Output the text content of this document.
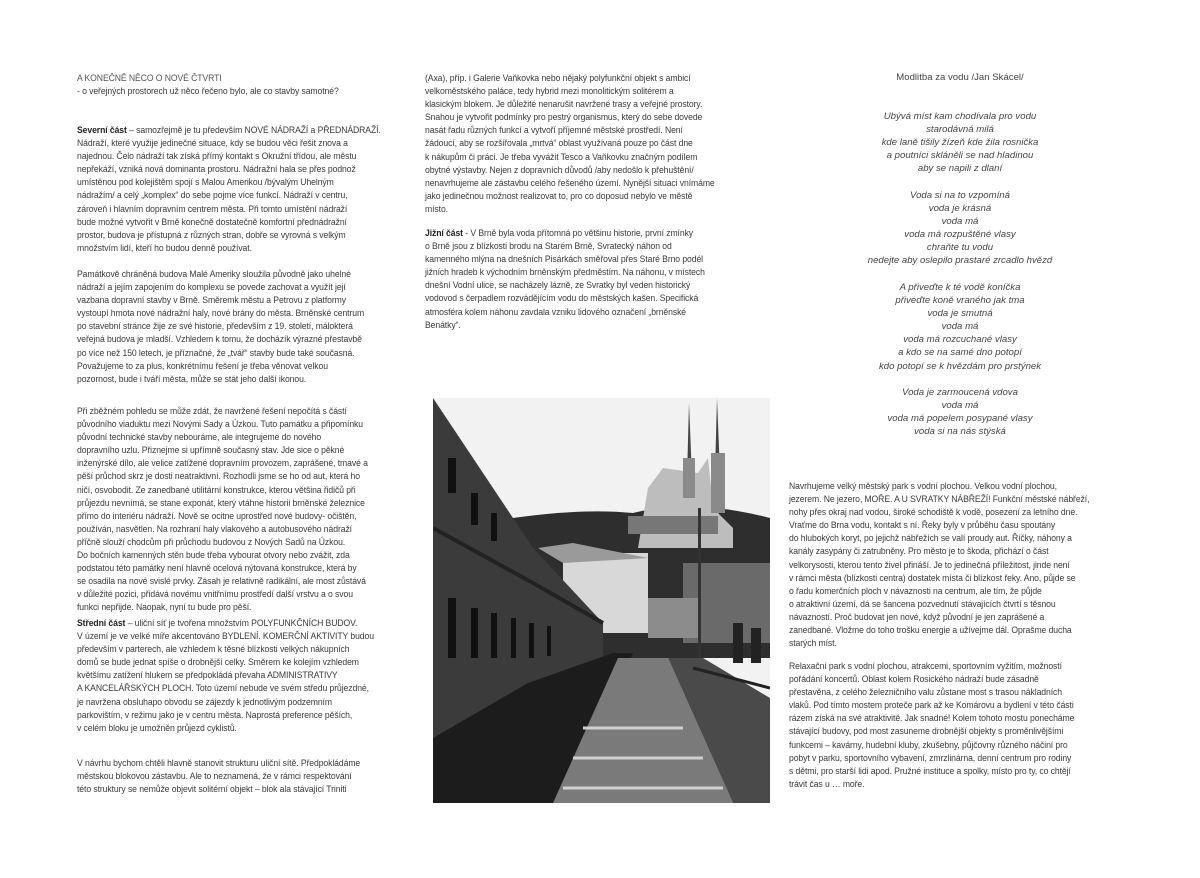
A KONEČNĚ NĚCO O NOVÉ ČTVRTI
- o veřejných prostorech už něco řečeno bylo, ale co stavby samotné?
Severní část – samozřejmě je tu především NOVÉ NÁDRAŽÍ a PŘEDNÁDRAŽÍ.
Nádraží, které využije jedinečné situace, kdy se budou věci řešit znova a
najednou. Čelo nádraží tak získá přímý kontakt s Okružní třídou, ale městu
nepřekáží, vzniká nová dominanta prostoru. Nádražní hala se přes podnož
umístěnou pod kolejištěm spojí s Malou Amerikou /bývalým Uhelným
nádražím/ a celý „komplex“ do sebe pojme více funkcí. Nádraží v centru,
zároveň i hlavním dopravním centrem města. Při tomto umístění nádraží
bude možné vytvořit v Brně konečně dostatečně komfortní přednádražní
prostor, budova je přístupná z různých stran, dobře se vyrovná s velkým
množstvím lidí, kteří ho budou denně používat.
Památkově chráněná budova Malé Ameriky sloužila původně jako uhelné
nádraží a jejím zapojením do komplexu se povede zachovat a využít její
vazbana dopravní stavby v Brně. Směremk městu a Petrovu z platformy
vystoupí hmota nové nádražní haly, nové brány do města. Brněnské centrum
po stavební stránce žije ze své historie, především z 19. století, málokterá
veřejná budova je mladší. Vzhledem k tomu, že docházík výrazné přestavbě
po více než 150 letech, je příznačné, že „tvář“ stavby bude také současná.
Považujeme to za plus, konkrétnímu řešení je třeba věnovat velkou
pozornost, bude i tváří města, může se stát jeho další ikonou.
Při zběžném pohledu se může zdát, že navržené řešení nepočítá s částí
původního viaduktu mezi Novými Sady a Úzkou. Tuto památku a připomínku
původní technické stavby nebouráme, ale integrujeme do nového
dopravního uzlu. Přiznejme si upřímně současný stav. Jde sice o pěkné
inženýrské dílo, ale velice zatížené dopravním provozem, zaprášené, tmavé a
pěší průchod skrz je dosti neatraktivní. Rozhodli jsme se ho od aut, která ho
ničí, osvobodit. Ze zanedbané utilitární konstrukce, kterou většina řidičů při
průjezdu nevnímá, se stane exponát, který vtáhne historii brněnské železnice
přímo do interiéru nádraží. Nově se ocitne uprostřed nové budovy- očištěn,
používán, nasvětlen. Na rozhraní haly vlakového a autobusového nádraží
příčně slouží chodcům při průchodu budovou z Nových Sadů na Úzkou.
Do bočních kamenných stěn bude třeba vybourat otvory nebo zvážit, zda
podstatou této památky není hlavně ocelová nýtovaná konstrukce, která by
se osadila na nové svislé prvky. Zásah je relativně radikální, ale most zůstává
v důležité pozici, přidává novému vnitřnímu prostředí další vrstvu a o svou
funkci nepřijde. Naopak, nyní tu bude pro pěší.
Střední část – uliční síť je tvořena množstvím POLYFUNKČNÍCH BUDOV.
V území je ve velké míře akcentováno BYDLENÍ. KOMERČNÍ AKTIVITY budou
především v parterech, ale vzhledem k těsné blízkosti velkých nákupních
domů se bude jednat spíše o drobnější celky. Směrem ke kolejím vzhledem
květšímu zatížení hlukem se předpokládá převaha ADMINISTRATIVY
A KANCELÁŘSKÝCH PLOCH. Toto území nebude ve svém středu průjezdné,
je navržena obsluhapo obvodu se zájezdy k jednotlivým podzemním
parkovištím, v režimu jako je v centru města. Naprostá preference pěších,
v celém bloku je umožněn průjezd cyklistů.
V návrhu bychom chtěli hlavně stanovit strukturu uliční sítě. Předpokládáme
městskou blokovou zástavbu. Ale to neznamená, že v rámci respektování
této struktury se nemůže objevit solitérní objekt – blok ala stávající Triniti
(Axa), příp. i Galerie Vaňkovka nebo nějaký polyfunkční objekt s ambicí
velkoměstského paláce, tedy hybrid mezi monolitickým solitérem a
klasickým blokem. Je důležité nenarušit navržené trasy a veřejné prostory.
Snahou je vytvořit podmínky pro pestrý organismus, který do sebe dovede
nasát řadu různých funkcí a vytvoří příjemné městské prostředí. Není
žádoucí, aby se rozšiřovala „mrtvá“ oblast využívaná pouze po část dne
k nákupům či práci. Je třeba vyvážit Tesco a Vaňkovku značným podílem
obytné výstavby. Nejen z dopravních důvodů /aby nedošlo k přehuštění/
nenavrhujeme ale zástavbu celého řešeného území. Nynější situaci vnímáme
jako jedinečnou možnost realizovat to, pro co doposud nebylo ve městě
místo.
Jižní část - V Brně byla voda přítomná po většinu historie, první zmínky
o Brně jsou z blízkosti brodu na Starém Brně, Svratecký náhon od
kamenného mlýna na dnešních Pisárkách směřoval přes Staré Brno podél
jižních hradeb k východním brněnským předměstím. Na náhonu, v místech
dnešní Vodní ulice, se nacházely lázně, ze Svratky byl veden historický
vodovod s čerpadlem rozvádějícím vodu do městských kašen. Specifická
atmosféra kolem náhonu zavdala vzniku lidového označení „brněnské
Benátky“.
Modlitba za vodu /Jan Skácel/
Ubývá míst kam chodívala pro vodu
starodávná milá
kde laně tišily žízeň kde žila rosnička
a poutníci skláněli se nad hladinou
aby se napili z dlaní
Voda si na to vzpomíná
voda je krásná
voda má
voda má rozpuštěné vlasy
chraňte tu vodu
nedejte aby oslepilo prastaré zrcadlo hvězd
A přiveďte k té vodě koníčka
přiveďte koně vraného jak tma
voda je smutná
voda má
voda má rozcuchané vlasy
a kdo se na samé dno potopí
kdo potopí se k hvězdám pro prstýnek
Voda je zarmoucená vdova
voda má
voda má popelem posypané vlasy
voda si na nás stýská
Navrhujeme velký městský park s vodní plochou. Velkou vodní plochou,
jezerem. Ne jezero, MOŘE. A U SVRATKY NÁBŘEŽÍ! Funkční městské nábřeží,
nohy přes okraj nad vodou, široké schodiště k vodě, posezení za letního dne.
Vraťme do Brna vodu, kontakt s ní. Řeky byly v průběhu času spoutány
do hlubokých koryt, po jejichž nábřežích se valí proudy aut. Říčky, náhony a
kanály zasypány či zatrubněny. Pro město je to škoda, přichází o část
velkorysosti, kterou tento živel přináší. Je to jedinečná příležitost, jinde není
v rámci města (blízkosti centra) dostatek místa či blízkost řeky. Ano, půjde se
o řadu komerčních ploch v návaznosti na centrum, ale tím, že půjde
o atraktivní území, dá se šancena pozvednutí stávajících čtvrtí s těsnou
návazností. Proč budovat jen nové, když původní je jen zaprášené a
zanedbané. Vložme do toho trošku energie a užívejme dál. Oprašme ducha
starých míst.
Relaxační park s vodní plochou, atrakcemi, sportovním vyžitím, možností
pořádání koncertů. Oblast kolem Rosického nádraží bude zásadně
přestavěna, z celého železničního valu zůstane most s trasou nákladních
vlaků. Pod tímto mostem proteče park až ke Komárovu a bydlení v této části
rázem získá na své atraktivitě. Jak snadné! Kolem tohoto mostu ponecháme
stávající budovy, pod most zasuneme drobnější objekty s proměnlivějšími
funkcemi – kavárny, hudební kluby, zkušebny, půjčovny různého náčiní pro
pobyt v parku, sportovního vybavení, zmrzlinárna, denní centrum pro rodiny
s dětmi, pro starší lidi apod. Pružné instituce a spolky, místo pro ty, co chtějí
trávit čas u … moře.
